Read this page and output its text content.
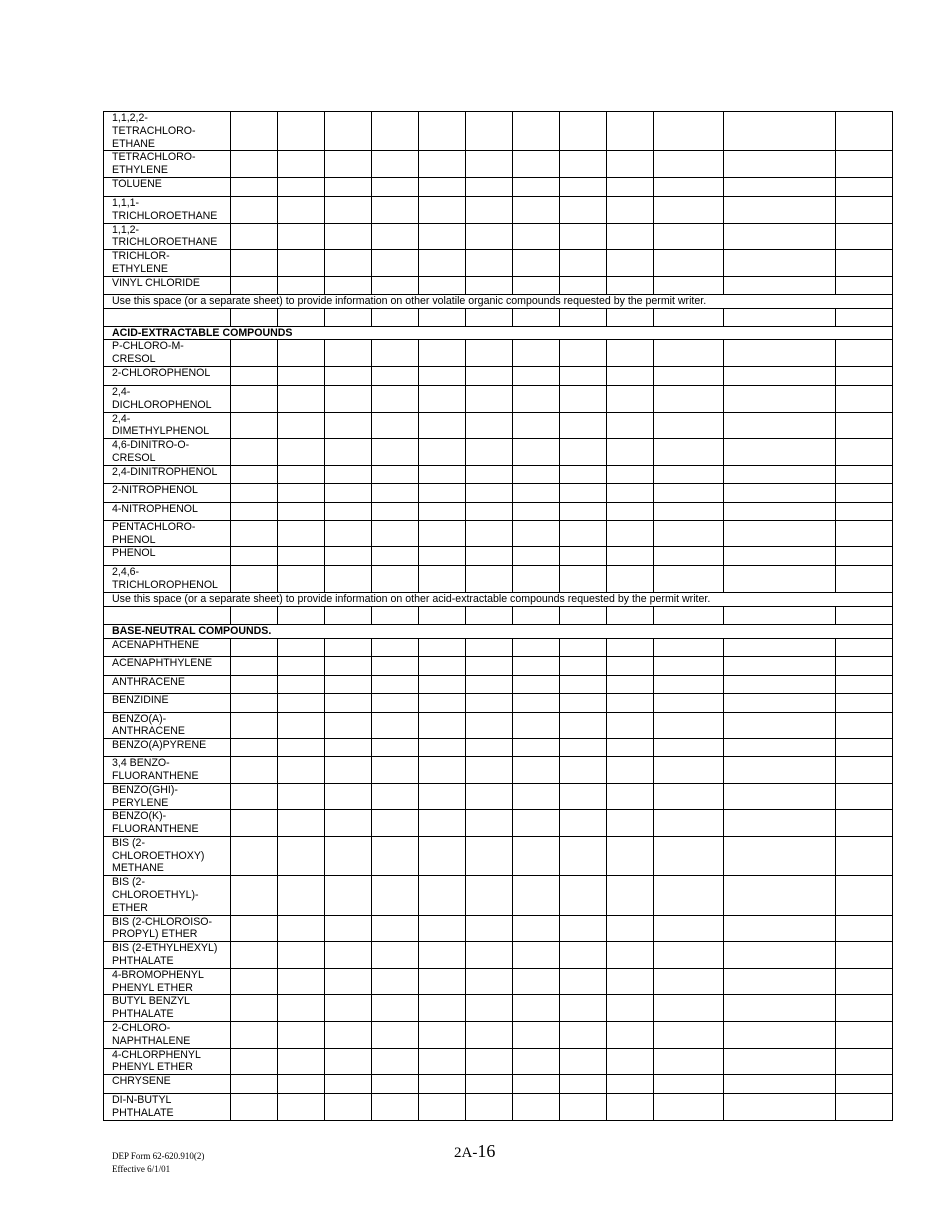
1,1,2,2-
TETRACHLORO-
ETHANE												

TETRACHLORO-
ETHYLENE												

TOLUENE												

1,1,1-
TRICHLOROETHANE												

1,1,2-
TRICHLOROETHANE												

TRICHLOR-
ETHYLENE												

VINYL CHLORIDE												

Use this space (or a separate sheet) to provide information on other volatile organic compounds requested by the permit writer.												

ACID-EXTRACTABLE COMPOUNDS												

P-CHLORO-M-
CRESOL												

2-CHLOROPHENOL												

2,4-
DICHLOROPHENOL												

2,4-
DIMETHYLPHENOL												

4,6-DINITRO-O-
CRESOL												

2,4-DINITROPHENOL												

2-NITROPHENOL												

4-NITROPHENOL												

PENTACHLORO-
PHENOL												

PHENOL												

2,4,6-
TRICHLOROPHENOL												

Use this space (or a separate sheet) to provide information on other acid-extractable compounds requested by the permit writer.												

BASE-NEUTRAL COMPOUNDS.												

ACENAPHTHENE												

ACENAPHTHYLENE												

ANTHRACENE												

BENZIDINE												

BENZO(A)-
ANTHRACENE												

BENZO(A)PYRENE												

3,4 BENZO-
FLUORANTHENE												

BENZO(GHI)-
PERYLENE												

BENZO(K)-
FLUORANTHENE												

BIS (2-
CHLOROETHOXY)
METHANE												

BIS (2-
CHLOROETHYL)-
ETHER												

BIS (2-CHLOROISO-
PROPYL) ETHER												

BIS (2-ETHYLHEXYL)
PHTHALATE												

4-BROMOPHENYL
PHENYL ETHER												

BUTYL BENZYL
PHTHALATE												

2-CHLORO-
NAPHTHALENE												

4-CHLORPHENYL
PHENYL ETHER												

CHRYSENE												

DI-N-BUTYL
PHTHALATE												

DEP Form 62-620.910(2)
Effective 6/1/01
2A-16
